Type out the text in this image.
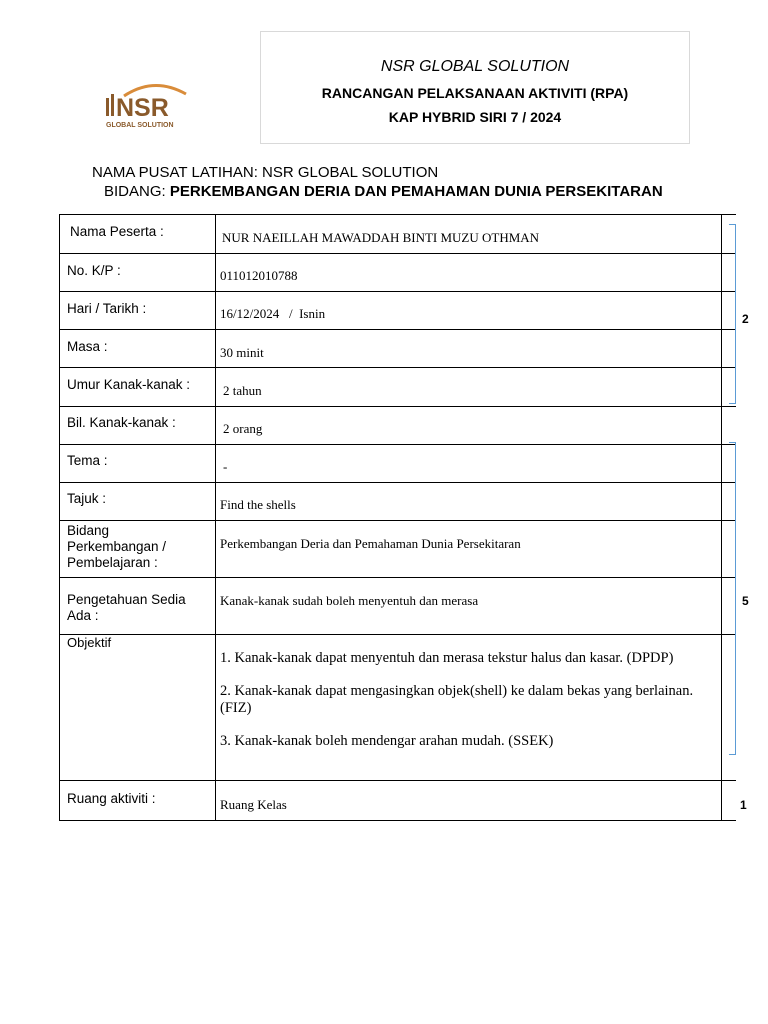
NSR GLOBAL SOLUTION
RANCANGAN PELAKSANAAN AKTIVITI (RPA)
KAP HYBRID SIRI 7 / 2024
NSR
GLOBAL SOLUTION
NAMA PUSAT LATIHAN: NSR GLOBAL SOLUTION
BIDANG: PERKEMBANGAN DERIA DAN PEMAHAMAN DUNIA PERSEKITARAN
Nama Peserta :	NUR NAEILLAH MAWADDAH BINTI MUZU OTHMAN	

No. K/P :	011012010788	

Hari / Tarikh :	16/12/2024   /  Isnin	

Masa :	30 minit	

Umur Kanak-kanak :	2 tahun	

Bil. Kanak-kanak :	2 orang	

Tema :	-	

Tajuk :	Find the shells	

Bidang
Perkembangan /
Pembelajaran :	Perkembangan Deria dan Pemahaman Dunia Persekitaran	

Pengetahuan Sedia
Ada :	Kanak-kanak sudah boleh menyentuh dan merasa	

Objektif	1. Kanak-kanak dapat menyentuh dan merasa tekstur halus dan kasar. (DPDP)

2. Kanak-kanak dapat mengasingkan objek(shell) ke dalam bekas yang berlainan. (FIZ)

3. Kanak-kanak boleh mendengar arahan mudah. (SSEK)	

Ruang aktiviti :	Ruang Kelas	

2
5
1
